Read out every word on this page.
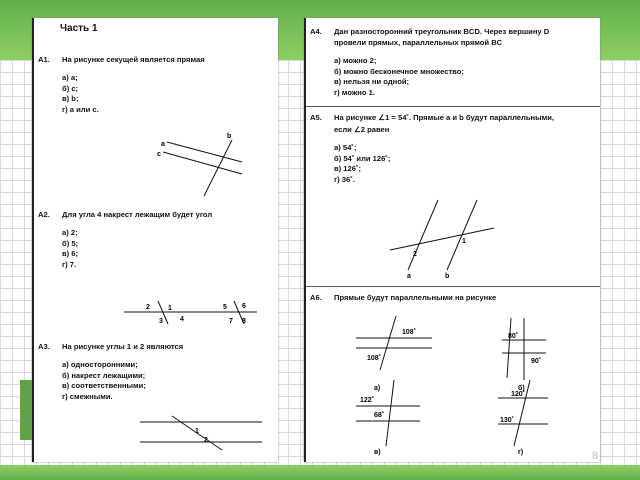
Часть 1
А1. На рисунке секущей является прямая
а) a;
б) c;
в) b;
г) a или c.
a
c
b
А2. Для угла 4 накрест лежащим будет угол
а) 2;
б) 5;
в) 6;
г) 7.
2	1
3 4
5 6
7 8
А3. На рисунке углы 1 и 2 являются
а) односторонними;
б) накрест лежащими;
в) соответственными;
г) смежными.
1
2
А4. Дан разносторонний треугольник BCD. Через вершину D
провели прямых, параллельных прямой BC
а) можно 2;
б) можно бесконечное множество;
в) нельзя ни одной;
г) можно 1.
А5. На рисунке ∠1 = 54˚. Прямые a и b будут параллельными,
если ∠2 равен
а) 54˚;
б) 54˚ или 126˚;
в) 126˚;
г) 36˚.
1
2
a	b
А6. Прямые будут параллельными на рисунке
108˚
108˚
а)
80˚
90˚
б)
122˚
68˚
в)
120˚
130˚
г)	8
